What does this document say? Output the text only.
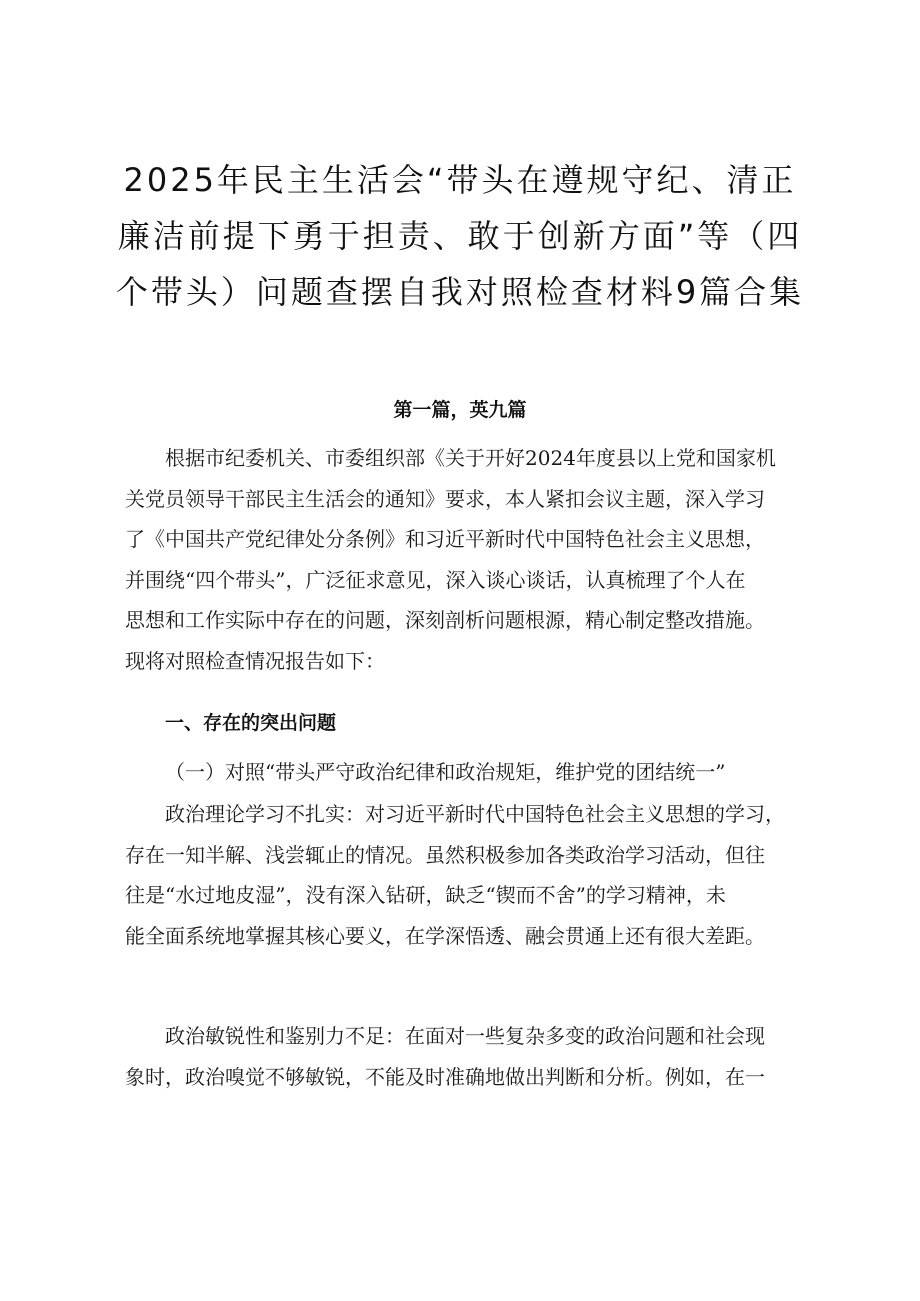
2025年民主生活会“带头在遵规守纪、清正
廉洁前提下勇于担责、敢于创新方面”等（四
个带头）问题查摆自我对照检查材料9篇合集
第一篇，英九篇
根据市纪委机关、市委组织部《关于开好2024年度县以上党和国家机
关党员领导干部民主生活会的通知》要求，本人紧扣会议主题，深入学习
了《中国共产党纪律处分条例》和习近平新时代中国特色社会主义思想，
并围绕“四个带头”，广泛征求意见，深入谈心谈话，认真梳理了个人在
思想和工作实际中存在的问题，深刻剖析问题根源，精心制定整改措施。
现将对照检查情况报告如下：
一、存在的突出问题
（一）对照“带头严守政治纪律和政治规矩，维护党的团结统一”
政治理论学习不扎实：对习近平新时代中国特色社会主义思想的学习，
存在一知半解、浅尝辄止的情况。虽然积极参加各类政治学习活动，但往
往是“水过地皮湿”，没有深入钻研，缺乏“锲而不舍”的学习精神，未
能全面系统地掌握其核心要义，在学深悟透、融会贯通上还有很大差距。
政治敏锐性和鉴别力不足：在面对一些复杂多变的政治问题和社会现
象时，政治嗅觉不够敏锐，不能及时准确地做出判断和分析。例如，在一
